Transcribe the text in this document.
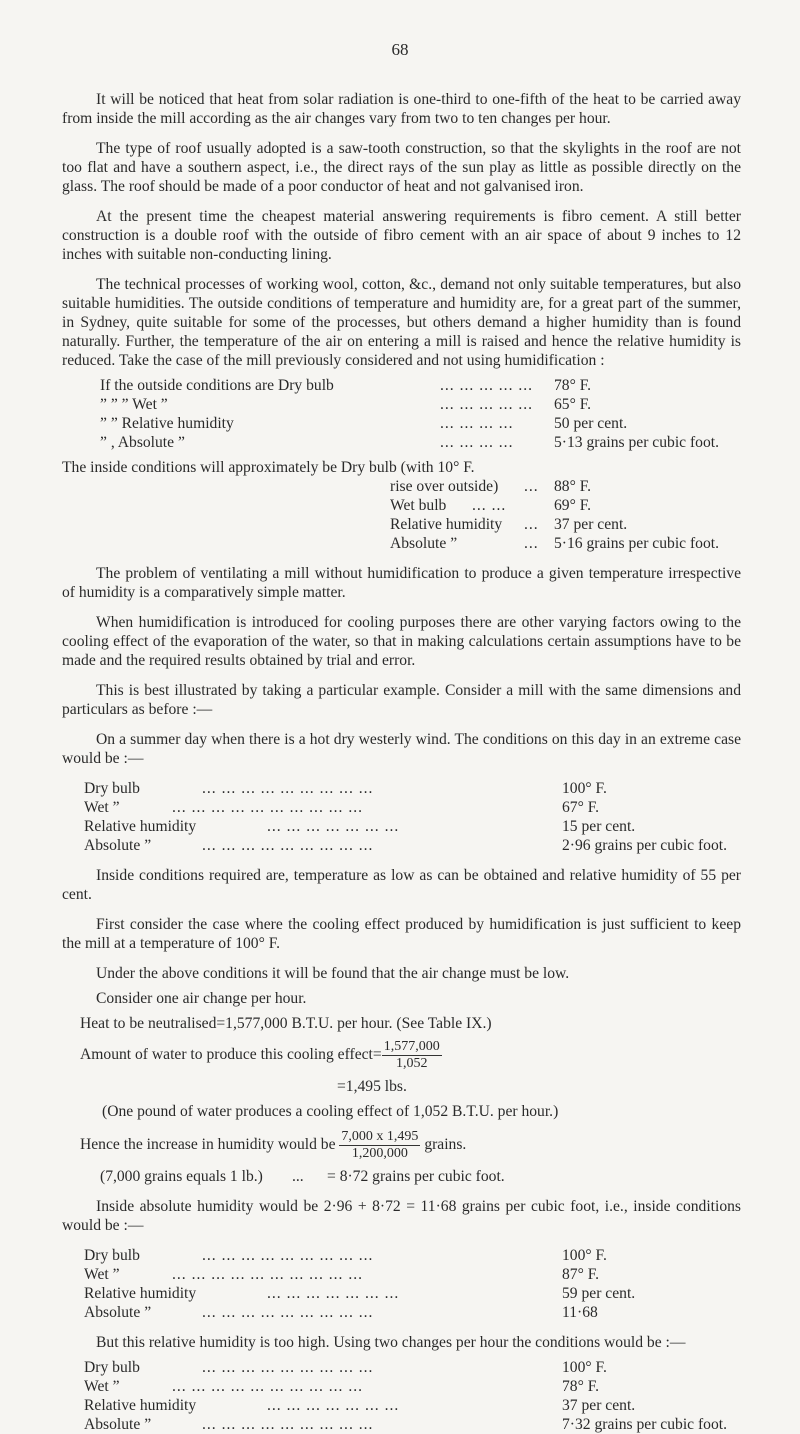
68

It will be noticed that heat from solar radiation is one-third to one-fifth of the heat to be carried away from inside the mill according as the air changes vary from two to ten changes per hour.

The type of roof usually adopted is a saw-tooth construction, so that the skylights in the roof are not too flat and have a southern aspect, i.e., the direct rays of the sun play as little as possible directly on the glass. The roof should be made of a poor conductor of heat and not galvanised iron.

At the present time the cheapest material answering requirements is fibro cement. A still better construction is a double roof with the outside of fibro cement with an air space of about 9 inches to 12 inches with suitable non-conducting lining.

The technical processes of working wool, cotton, &c., demand not only suitable temperatures, but also suitable humidities. The outside conditions of temperature and humidity are, for a great part of the summer, in Sydney, quite suitable for some of the processes, but others demand a higher humidity than is found naturally. Further, the temperature of the air on entering a mill is raised and hence the relative humidity is reduced. Take the case of the mill previously considered and not using humidification :

If the outside conditions are Dry bulb	... ... ... ... ... 78° F.
” ” ” Wet ”	... ... ... ... ... 65° F.
” ” Relative humidity	... ... ... ...	50 per cent.
” , Absolute ”	... ... ... ...	5·13 grains per cubic foot.
The inside conditions will approximately be Dry bulb (with 10° F.
rise over outside) ... 88° F.
Wet bulb ... ...	69° F.
Relative humidity ... 37 per cent.
Absolute ”	... 5·16 grains per cubic foot.

The problem of ventilating a mill without humidification to produce a given temperature irrespective of humidity is a comparatively simple matter.

When humidification is introduced for cooling purposes there are other varying factors owing to the cooling effect of the evaporation of the water, so that in making calculations certain assumptions have to be made and the required results obtained by trial and error.

This is best illustrated by taking a particular example. Consider a mill with the same dimensions and particulars as before :—

On a summer day when there is a hot dry westerly wind. The conditions on this day in an extreme case would be :—

Dry bulb	... ... ... ... ... ... ... ... ...	100° F.
Wet ”	... ... ... ... ... ... ... ... ... ...	67° F.
Relative humidity	... ... ... ... ... ... ...	15 per cent.
Absolute ”	... ... ... ... ... ... ... ... ...	2·96 grains per cubic foot.

Inside conditions required are, temperature as low as can be obtained and relative humidity of 55 per cent.

First consider the case where the cooling effect produced by humidification is just sufficient to keep the mill at a temperature of 100° F.

Under the above conditions it will be found that the air change must be low.

Consider one air change per hour.

Heat to be neutralised=1,577,000 B.T.U. per hour. (See Table IX.)
Amount of water to produce this cooling effect= $\frac{1,577,000}{1,052}$
=1,495 lbs.
(One pound of water produces a cooling effect of 1,052 B.T.U. per hour.)
Hence the increase in humidity would be $\frac{7,000 x 1,495}{1,200,000}$ grains.
(7,000 grains equals 1 lb.) ... = 8·72 grains per cubic foot.

Inside absolute humidity would be 2·96 + 8·72 = 11·68 grains per cubic foot, i.e., inside conditions would be :—

Dry bulb	... ... ... ... ... ... ... ... ...	100° F.
Wet ”	... ... ... ... ... ... ... ... ... ...	87° F.
Relative humidity	... ... ... ... ... ... ...	59 per cent.
Absolute ”	... ... ... ... ... ... ... ... ...	11·68

But this relative humidity is too high. Using two changes per hour the conditions would be :—

Dry bulb	... ... ... ... ... ... ... ... ...	100° F.
Wet ”	... ... ... ... ... ... ... ... ... ...	78° F.
Relative humidity	... ... ... ... ... ... ...	37 per cent.
Absolute ”	... ... ... ... ... ... ... ... ...	7·32 grains per cubic foot.
